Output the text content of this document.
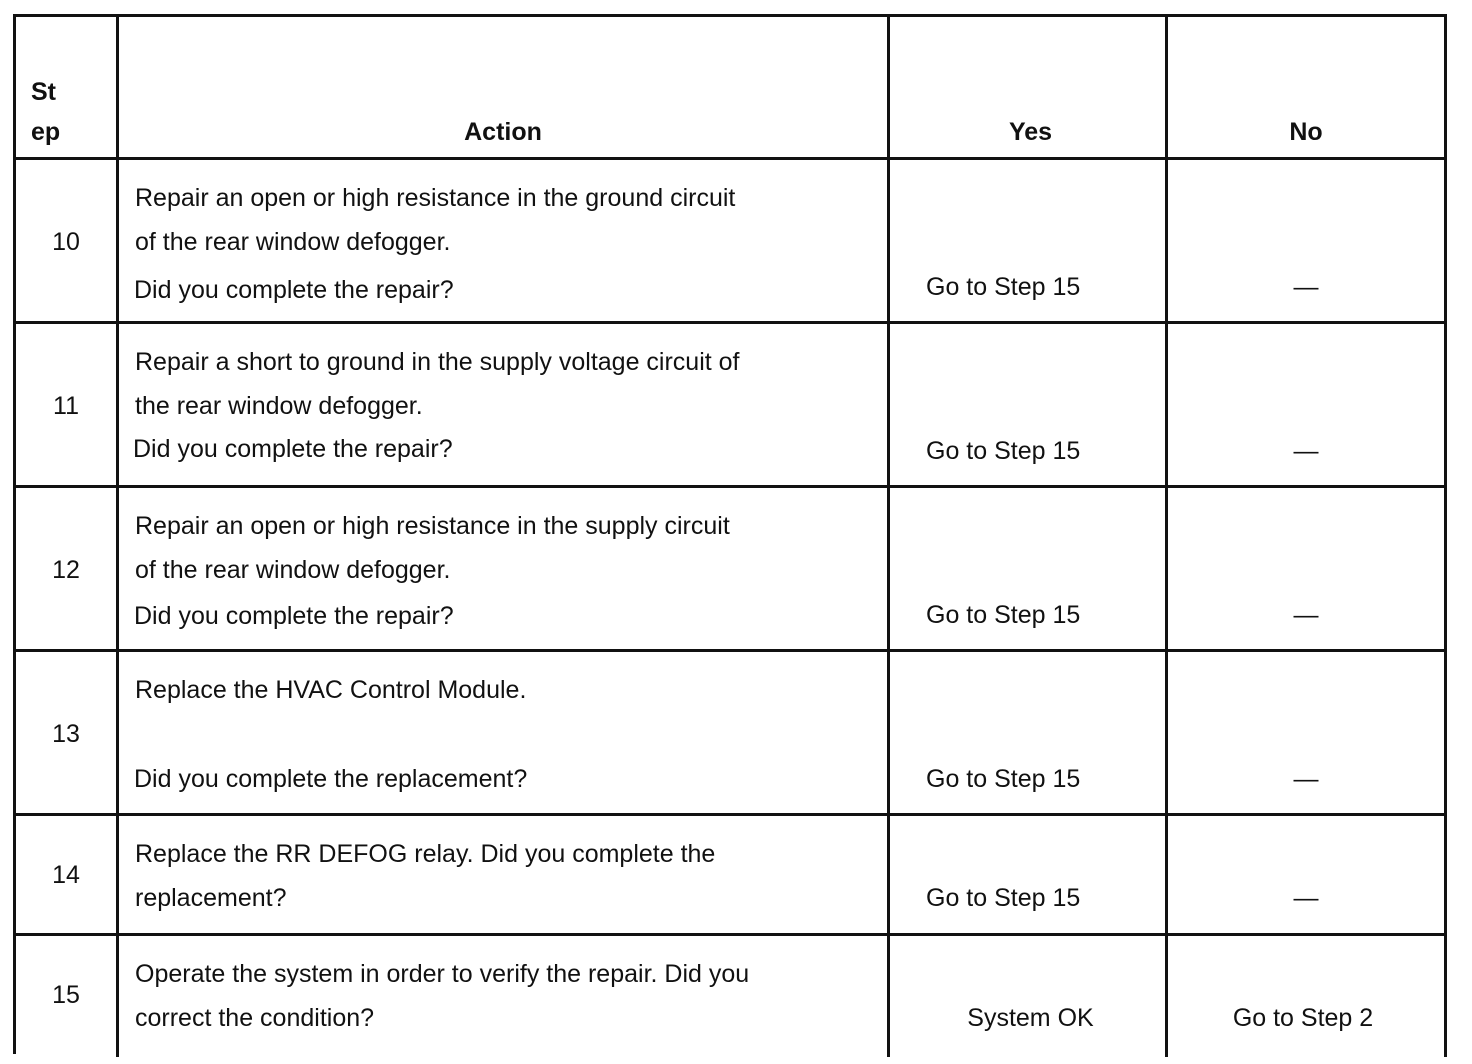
St
ep	Action	Yes	No
10
Repair an open or high resistance in the ground circuit
of the rear window defogger.
Did you complete the repair?	Go to Step 15	—
11
Repair a short to ground in the supply voltage circuit of
the rear window defogger.
Did you complete the repair?	Go to Step 15	—
12
Repair an open or high resistance in the supply circuit
of the rear window defogger.
Did you complete the repair?	Go to Step 15	—
13
Replace the HVAC Control Module.
Did you complete the replacement?	Go to Step 15	—
14
Replace the RR DEFOG relay. Did you complete the
replacement?	Go to Step 15	—
15
Operate the system in order to verify the repair. Did you
correct the condition?	System OK	Go to Step 2
